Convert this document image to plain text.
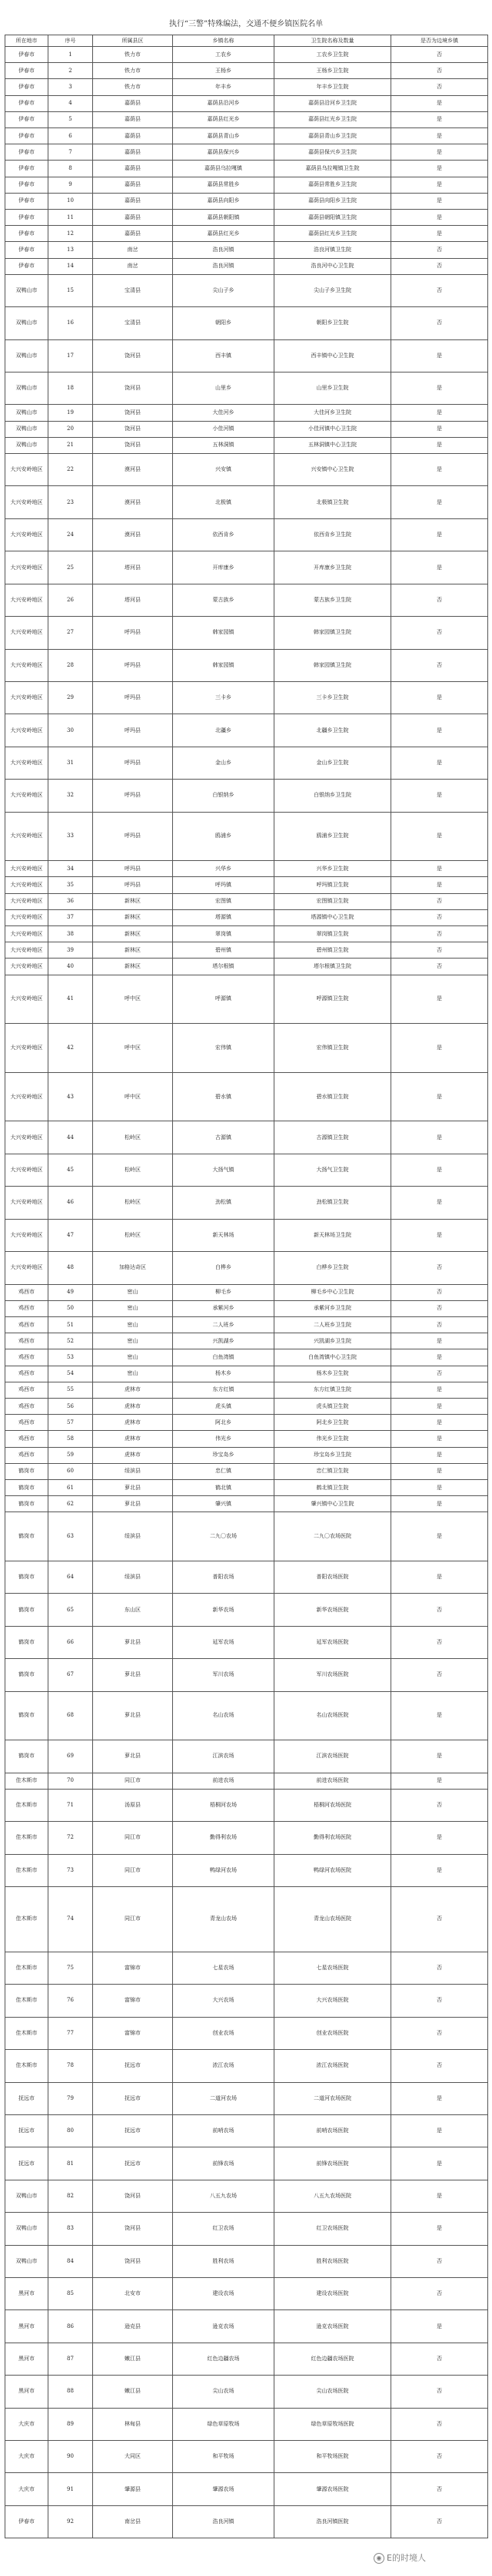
执行“三警”特殊编法，交通不便乡镇医院名单
所在地市	序号	所属县区	乡镇名称	卫生院名称及数量	是否为边境乡镇
伊春市	1	铁力市	工农乡	工农乡卫生院	否
伊春市	2	铁力市	王杨乡	王杨乡卫生院	否
伊春市	3	铁力市	年丰乡	年丰乡卫生院	否
伊春市	4	嘉荫县	嘉荫县沿河乡	嘉荫县沿河乡卫生院	是
伊春市	5	嘉荫县	嘉荫县红光乡	嘉荫县红光乡卫生院	是
伊春市	6	嘉荫县	嘉荫县青山乡	嘉荫县青山乡卫生院	是
伊春市	7	嘉荫县	嘉荫县保兴乡	嘉荫县保兴乡卫生院	是
伊春市	8	嘉荫县	嘉荫县乌拉嘎镇	嘉荫县乌拉嘎镇卫生院	是
伊春市	9	嘉荫县	嘉荫县常胜乡	嘉荫县常胜乡卫生院	是
伊春市	10	嘉荫县	嘉荫县向阳乡	嘉荫县向阳乡卫生院	是
伊春市	11	嘉荫县	嘉荫县朝阳镇	嘉荫县朝阳镇卫生院	是
伊春市	12	嘉荫县	嘉荫县红光乡	嘉荫县红光乡卫生院	是
伊春市	13	南岔	浩良河镇	浩良河镇卫生院	否
伊春市	14	南岔	浩良河镇	浩良河中心卫生院	否
双鸭山市	15	宝清县	尖山子乡	尖山子乡卫生院	否
双鸭山市	16	宝清县	朝阳乡	朝阳乡卫生院	否
双鸭山市	17	饶河县	西丰镇	西丰镇中心卫生院	是
双鸭山市	18	饶河县	山里乡	山里乡卫生院	是
双鸭山市	19	饶河县	大佳河乡	大佳河乡卫生院	是
双鸭山市	20	饶河县	小佳河镇	小佳河镇中心卫生院	是
双鸭山市	21	饶河县	五林洞镇	五林洞镇中心卫生院	是
大兴安岭地区	22	漠河县	兴安镇	兴安镇中心卫生院	是
大兴安岭地区	23	漠河县	北极镇	北极镇卫生院	是
大兴安岭地区	24	漠河县	依西肯乡	依西肯乡卫生院	是
大兴安岭地区	25	塔河县	开库康乡	开库康乡卫生院	是
大兴安岭地区	26	塔河县	蒙古族乡	蒙古族乡卫生院	否
大兴安岭地区	27	呼玛县	韩家园镇	韩家园镇卫生院	否
大兴安岭地区	28	呼玛县	韩家园镇	韩家园镇卫生院	否
大兴安岭地区	29	呼玛县	三卡乡	三卡乡卫生院	是
大兴安岭地区	30	呼玛县	北疆乡	北疆乡卫生院	是
大兴安岭地区	31	呼玛县	金山乡	金山乡卫生院	是
大兴安岭地区	32	呼玛县	白银纳乡	白银纳乡卫生院	是
大兴安岭地区	33	呼玛县	鸥浦乡	鸥浦乡卫生院	是
大兴安岭地区	34	呼玛县	兴华乡	兴华乡卫生院	是
大兴安岭地区	35	呼玛县	呼玛镇	呼玛镇卫生院	是
大兴安岭地区	36	新林区	宏图镇	宏图镇卫生院	否
大兴安岭地区	37	新林区	塔源镇	塔源镇中心卫生院	否
大兴安岭地区	38	新林区	翠岗镇	翠岗镇卫生院	否
大兴安岭地区	39	新林区	碧州镇	碧州镇卫生院	否
大兴安岭地区	40	新林区	塔尔根镇	塔尔根镇卫生院	否
大兴安岭地区	41	呼中区	呼源镇	呼源镇卫生院	是
大兴安岭地区	42	呼中区	宏伟镇	宏伟镇卫生院	是
大兴安岭地区	43	呼中区	碧水镇	碧水镇卫生院	是
大兴安岭地区	44	松岭区	古源镇	古源镇卫生院	是
大兴安岭地区	45	松岭区	大扬气镇	大扬气卫生院	是
大兴安岭地区	46	松岭区	劲松镇	劲松镇卫生院	是
大兴安岭地区	47	松岭区	新天林场	新天林场卫生院	是
大兴安岭地区	48	加格达奇区	白桦乡	白桦乡卫生院	否
鸡西市	49	密山	柳毛乡	柳毛乡中心卫生院	否
鸡西市	50	密山	承紫河乡	承紫河乡卫生院	否
鸡西市	51	密山	二人班乡	二人班乡卫生院	否
鸡西市	52	密山	兴凯湖乡	兴凯湖乡卫生院	是
鸡西市	53	密山	白鱼湾镇	白鱼湾镇中心卫生院	是
鸡西市	54	密山	杨木乡	杨木乡卫生院	否
鸡西市	55	虎林市	东方红镇	东方红镇卫生院	是
鸡西市	56	虎林市	虎头镇	虎头镇卫生院	是
鸡西市	57	虎林市	阿北乡	阿北乡卫生院	是
鸡西市	58	虎林市	伟光乡	伟光乡卫生院	是
鸡西市	59	虎林市	珍宝岛乡	珍宝岛乡卫生院	是
鹤岗市	60	绥滨县	忠仁镇	忠仁镇卫生院	是
鹤岗市	61	萝北县	鹤北镇	鹤北镇卫生院	是
鹤岗市	62	萝北县	肇兴镇	肇兴镇中心卫生院	是
鹤岗市	63	绥滨县	二九〇农场	二九〇农场医院	是
鹤岗市	64	绥滨县	普阳农场	普阳农场医院	是
鹤岗市	65	东山区	新华农场	新华农场医院	否
鹤岗市	66	萝北县	延军农场	延军农场医院	否
鹤岗市	67	萝北县	军川农场	军川农场医院	否
鹤岗市	68	萝北县	名山农场	名山农场医院	是
鹤岗市	69	萝北县	江滨农场	江滨农场医院	是
佳木斯市	70	同江市	前进农场	前进农场医院	是
佳木斯市	71	汤原县	梧桐河农场	梧桐河农场医院	否
佳木斯市	72	同江市	勤得利农场	勤得利农场医院	是
佳木斯市	73	同江市	鸭绿河农场	鸭绿河农场医院	是
佳木斯市	74	同江市	青龙山农场	青龙山农场医院	否
佳木斯市	75	富锦市	七星农场	七星农场医院	否
佳木斯市	76	富锦市	大兴农场	大兴农场医院	否
佳木斯市	77	富锦市	创业农场	创业农场医院	否
佳木斯市	78	抚远市	浓江农场	浓江农场医院	否
抚远市	79	抚远市	二道河农场	二道河农场医院	是
抚远市	80	抚远市	前哨农场	前哨农场医院	是
抚远市	81	抚远市	前锋农场	前锋农场医院	是
双鸭山市	82	饶河县	八五九农场	八五九农场医院	是
双鸭山市	83	饶河县	红卫农场	红卫农场医院	是
双鸭山市	84	饶河县	胜利农场	胜利农场医院	否
黑河市	85	北安市	建设农场	建设农场医院	否
黑河市	86	逊克县	逊克农场	逊克农场医院	是
黑河市	87	嫩江县	红色边疆农场	红色边疆农场医院	否
黑河市	88	嫩江县	尖山农场	尖山农场医院	否
大庆市	89	林甸县	绿色草原牧场	绿色草原牧场医院	否
大庆市	90	大同区	和平牧场	和平牧场医院	否
大庆市	91	肇源县	肇源农场	肇源农场医院	否
伊春市	92	南岔县	浩良河镇	浩良河镇医院	否
◉ E的时境人
